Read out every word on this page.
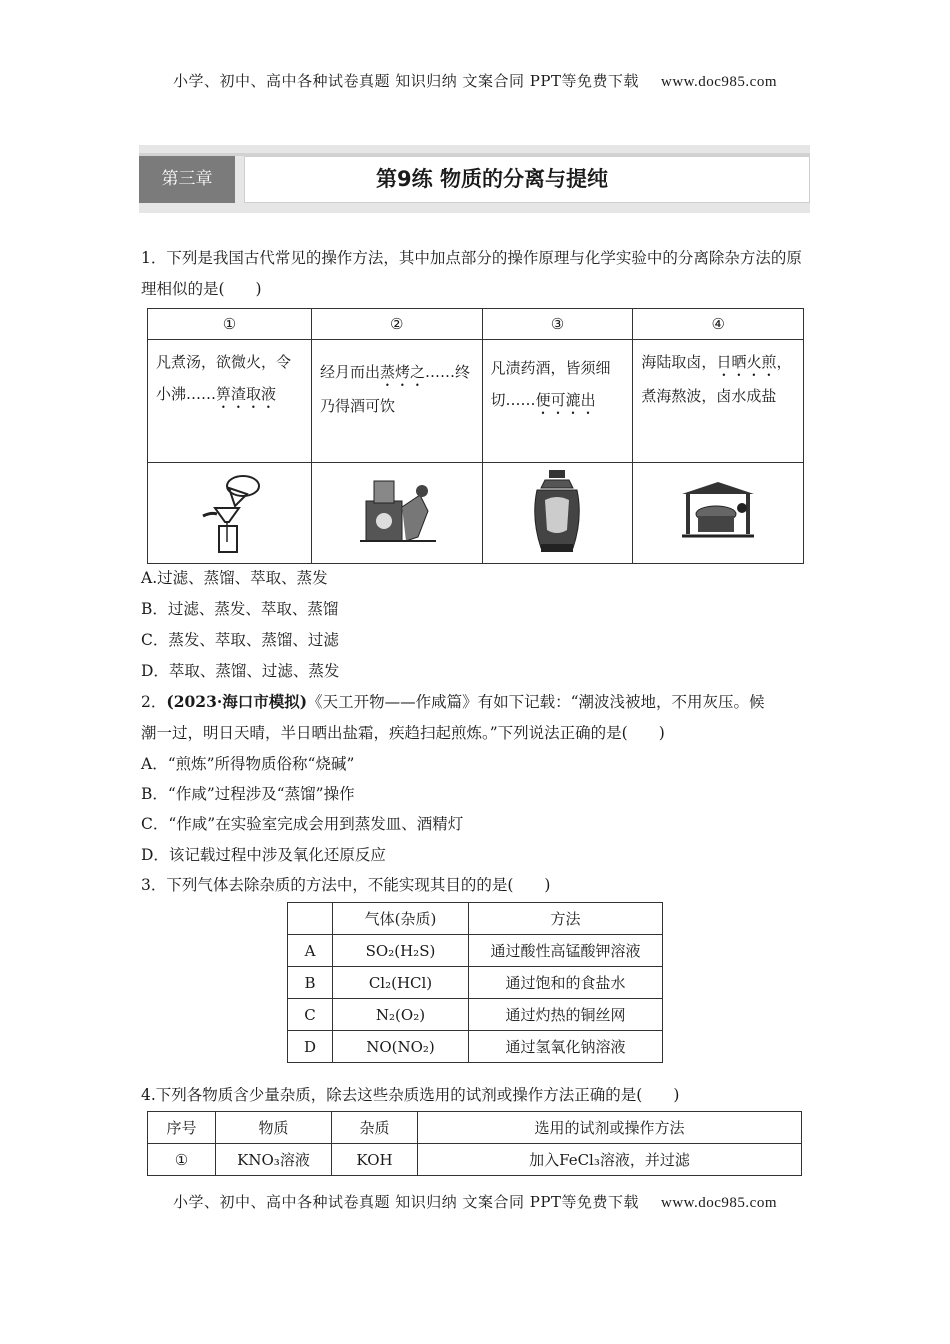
小学、初中、高中各种试卷真题 知识归纳 文案合同 PPT等免费下载 www.doc985.com
第三章	第9练 物质的分离与提纯
1．下列是我国古代常见的操作方法，其中加点部分的操作原理与化学实验中的分离除杂方法的原理相似的是(　　)
①	②	③	④
凡煮汤，欲微火，令小沸……箅渣取液	经月而出蒸烤之……终乃得酒可饮	凡渍药酒，皆须细切……便可漉出	海陆取卤，日晒火煎，煮海熬波，卤水成盐

A.过滤、蒸馏、萃取、蒸发
B．过滤、蒸发、萃取、蒸馏
C．蒸发、萃取、蒸馏、过滤
D．萃取、蒸馏、过滤、蒸发
2．(2023·海口市模拟)《天工开物——作咸篇》有如下记载：“潮波浅被地，不用灰压。候
潮一过，明日天晴，半日晒出盐霜，疾趋扫起煎炼。”下列说法正确的是(　　)
A．“煎炼”所得物质俗称“烧碱”
B．“作咸”过程涉及“蒸馏”操作
C．“作咸”在实验室完成会用到蒸发皿、酒精灯
D．该记载过程中涉及氧化还原反应
3．下列气体去除杂质的方法中，不能实现其目的的是(　　)
	气体(杂质)	方法
A	SO₂(H₂S)	通过酸性高锰酸钾溶液
B	Cl₂(HCl)	通过饱和的食盐水
C	N₂(O₂)	通过灼热的铜丝网
D	NO(NO₂)	通过氢氧化钠溶液
4.下列各物质含少量杂质，除去这些杂质选用的试剂或操作方法正确的是(　　)
序号	物质	杂质	选用的试剂或操作方法
①	KNO₃溶液	KOH	加入FeCl₃溶液，并过滤
小学、初中、高中各种试卷真题 知识归纳 文案合同 PPT等免费下载 www.doc985.com
